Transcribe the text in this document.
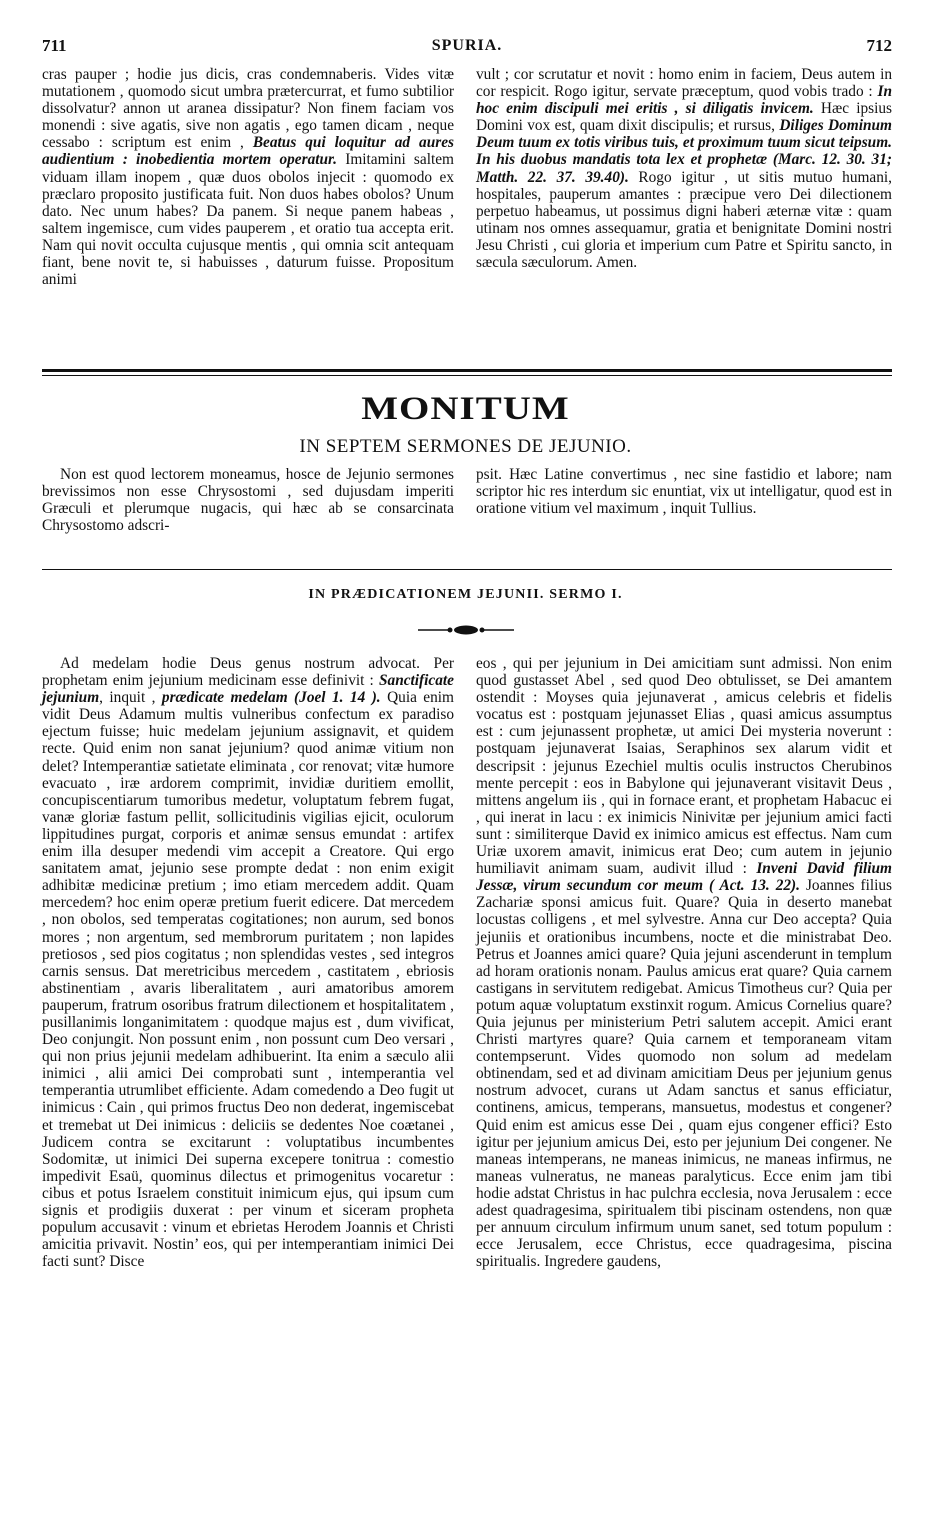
711	SPURIA.	712

cras pauper ; hodie jus dicis, cras condemnaberis. Vides vitæ mutationem , quomodo sicut umbra prætercurrat, et fumo subtilior dissolvatur? annon ut aranea dissipatur? Non finem faciam vos monendi : sive agatis, sive non agatis , ego tamen dicam , neque cessabo : scriptum est enim , Beatus qui loquitur ad aures audientium : inobedientia mortem operatur. Imitamini saltem viduam illam inopem , quæ duos obolos injecit : quomodo ex præclaro proposito justificata fuit. Non duos habes obolos? Unum dato. Nec unum habes? Da panem. Si neque panem habeas , saltem ingemisce, cum vides pauperem , et oratio tua accepta erit. Nam qui novit occulta cujusque mentis , qui omnia scit antequam fiant, bene novit te, si habuisses , daturum fuisse. Propositum animi

vult ; cor scrutatur et novit : homo enim in faciem, Deus autem in cor respicit. Rogo igitur, servate præceptum, quod vobis trado : In hoc enim discipuli mei eritis , si diligatis invicem. Hæc ipsius Domini vox est, quam dixit discipulis; et rursus, Diliges Dominum Deum tuum ex totis viribus tuis, et proximum tuum sicut teipsum. In his duobus mandatis tota lex et prophetæ (Marc. 12. 30. 31; Matth. 22. 37. 39.40). Rogo igitur , ut sitis mutuo humani, hospitales, pauperum amantes : præcipue vero Dei dilectionem perpetuo habeamus, ut possimus digni haberi æternæ vitæ : quam utinam nos omnes assequamur, gratia et benignitate Domini nostri Jesu Christi , cui gloria et imperium cum Patre et Spiritu sancto, in sæcula sæculorum. Amen.

MONITUM
IN SEPTEM SERMONES DE JEJUNIO.

Non est quod lectorem moneamus, hosce de Jejunio sermones brevissimos non esse Chrysostomi , sed dujusdam imperiti Græculi et plerumque nugacis, qui hæc ab se consarcinata Chrysostomo adscri-

psit. Hæc Latine convertimus , nec sine fastidio et labore; nam scriptor hic res interdum sic enuntiat, vix ut intelligatur, quod est in oratione vitium vel maximum , inquit Tullius.

IN PRÆDICATIONEM JEJUNII. SERMO I.

Ad medelam hodie Deus genus nostrum advocat. Per prophetam enim jejunium medicinam esse definivit : Sanctificate jejunium, inquit , prædicate medelam (Joel 1. 14 ). Quia enim vidit Deus Adamum multis vulneribus confectum ex paradiso ejectum fuisse; huic medelam jejunium assignavit, et quidem recte. Quid enim non sanat jejunium? quod animæ vitium non delet? Intemperantiæ satietate eliminata , cor renovat; vitæ humore evacuato , iræ ardorem comprimit, invidiæ duritiem emollit, concupiscentiarum tumoribus medetur, voluptatum febrem fugat, vanæ gloriæ fastum pellit, sollicitudinis vigilias ejicit, oculorum lippitudines purgat, corporis et animæ sensus emundat : artifex enim illa desuper medendi vim accepit a Creatore. Qui ergo sanitatem amat, jejunio sese prompte dedat : non enim exigit adhibitæ medicinæ pretium ; imo etiam mercedem addit. Quam mercedem? hoc enim operæ pretium fuerit edicere. Dat mercedem , non obolos, sed temperatas cogitationes; non aurum, sed bonos mores ; non argentum, sed membrorum puritatem ; non lapides pretiosos , sed pios cogitatus ; non splendidas vestes , sed integros carnis sensus. Dat meretricibus mercedem , castitatem , ebriosis abstinentiam , avaris liberalitatem , auri amatoribus amorem pauperum, fratrum osoribus fratrum dilectionem et hospitalitatem , pusillanimis longanimitatem : quodque majus est , dum vivificat, Deo conjungit. Non possunt enim , non possunt cum Deo versari , qui non prius jejunii medelam adhibuerint. Ita enim a sæculo alii inimici , alii amici Dei comprobati sunt , intemperantia vel temperantia utrumlibet efficiente. Adam comedendo a Deo fugit ut inimicus : Cain , qui primos fructus Deo non dederat, ingemiscebat et tremebat ut Dei inimicus : deliciis se dedentes Noe coætanei , Judicem contra se excitarunt : voluptatibus incumbentes Sodomitæ, ut inimici Dei superna excepere tonitrua : comestio impedivit Esaü, quominus dilectus et primogenitus vocaretur : cibus et potus Israelem constituit inimicum ejus, qui ipsum cum signis et prodigiis duxerat : per vinum et siceram propheta populum accusavit : vinum et ebrietas Herodem Joannis et Christi amicitia privavit. Nostin’ eos, qui per intemperantiam inimici Dei facti sunt? Disce

eos , qui per jejunium in Dei amicitiam sunt admissi. Non enim quod gustasset Abel , sed quod Deo obtulisset, se Dei amantem ostendit : Moyses quia jejunaverat , amicus celebris et fidelis vocatus est : postquam jejunasset Elias , quasi amicus assumptus est : cum jejunassent prophetæ, ut amici Dei mysteria noverunt : postquam jejunaverat Isaias, Seraphinos sex alarum vidit et descripsit : jejunus Ezechiel multis oculis instructos Cherubinos mente percepit : eos in Babylone qui jejunaverant visitavit Deus , mittens angelum iis , qui in fornace erant, et prophetam Habacuc ei , qui inerat in lacu : ex inimicis Ninivitæ per jejunium amici facti sunt : similiterque David ex inimico amicus est effectus. Nam cum Uriæ uxorem amavit, inimicus erat Deo; cum autem in jejunio humiliavit animam suam, audivit illud : Inveni David filium Jessæ, virum secundum cor meum ( Act. 13. 22). Joannes filius Zachariæ sponsi amicus fuit. Quare? Quia in deserto manebat locustas colligens , et mel sylvestre. Anna cur Deo accepta? Quia jejuniis et orationibus incumbens, nocte et die ministrabat Deo. Petrus et Joannes amici quare? Quia jejuni ascenderunt in templum ad horam orationis nonam. Paulus amicus erat quare? Quia carnem castigans in servitutem redigebat. Amicus Timotheus cur? Quia per potum aquæ voluptatum exstinxit rogum. Amicus Cornelius quare? Quia jejunus per ministerium Petri salutem accepit. Amici erant Christi martyres quare? Quia carnem et temporaneam vitam contempserunt. Vides quomodo non solum ad medelam obtinendam, sed et ad divinam amicitiam Deus per jejunium genus nostrum advocet, curans ut Adam sanctus et sanus efficiatur, continens, amicus, temperans, mansuetus, modestus et congener? Quid enim est amicus esse Dei , quam ejus congener effici? Esto igitur per jejunium amicus Dei, esto per jejunium Dei congener. Ne maneas intemperans, ne maneas inimicus, ne maneas infirmus, ne maneas vulneratus, ne maneas paralyticus. Ecce enim jam tibi hodie adstat Christus in hac pulchra ecclesia, nova Jerusalem : ecce adest quadragesima, spiritualem tibi piscinam ostendens, non quæ per annuum circulum infirmum unum sanet, sed totum populum : ecce Jerusalem, ecce Christus, ecce quadragesima, piscina spiritualis. Ingredere gaudens,
